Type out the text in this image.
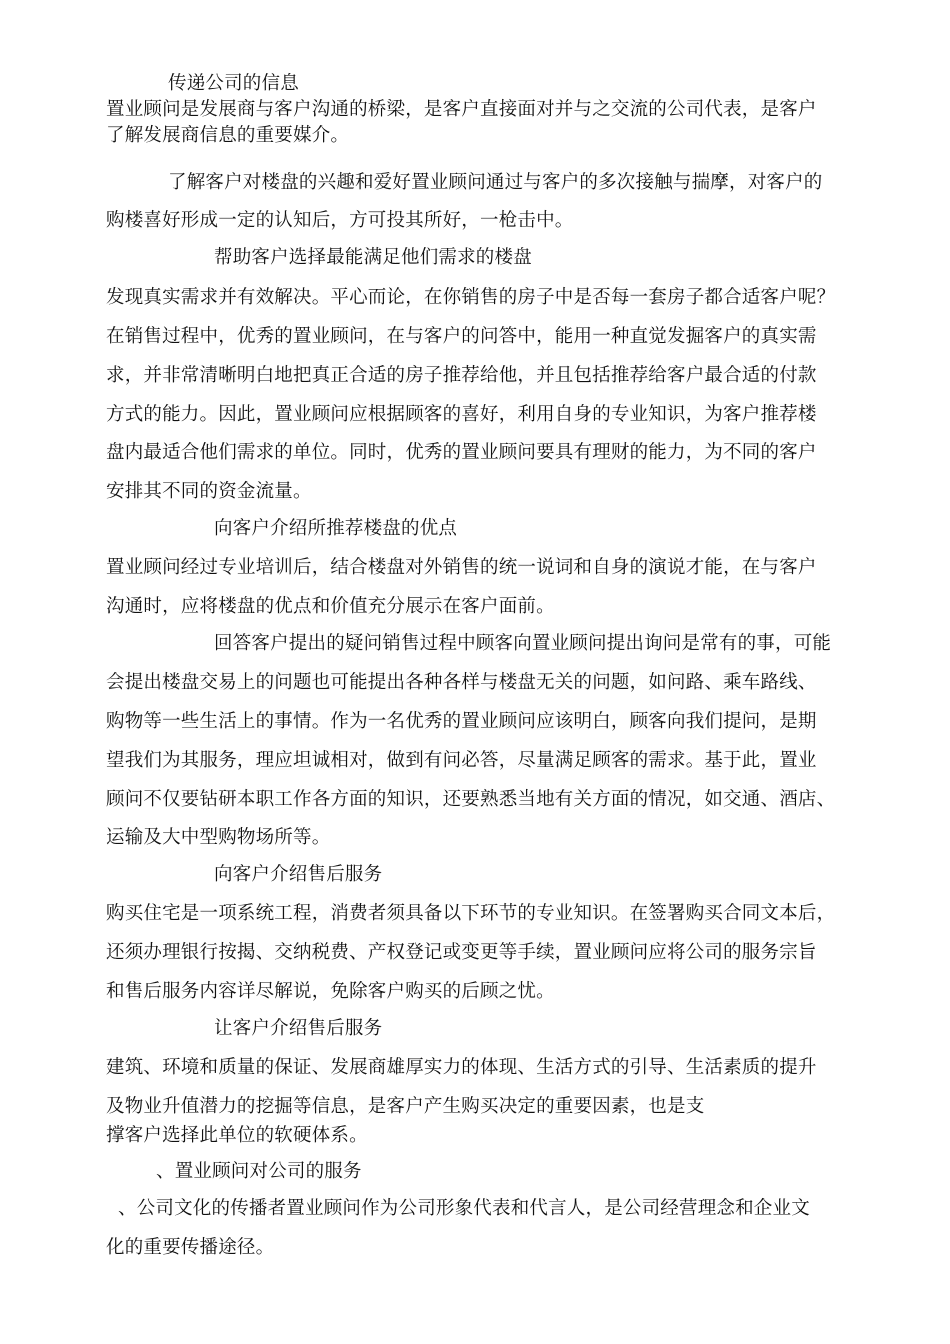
传递公司的信息
置业顾问是发展商与客户沟通的桥梁，是客户直接面对并与之交流的公司代表，是客户
了解发展商信息的重要媒介。
了解客户对楼盘的兴趣和爱好置业顾问通过与客户的多次接触与揣摩，对客户的
购楼喜好形成一定的认知后，方可投其所好，一枪击中。
帮助客户选择最能满足他们需求的楼盘
发现真实需求并有效解决。平心而论，在你销售的房子中是否每一套房子都合适客户呢？
在销售过程中，优秀的置业顾问，在与客户的问答中，能用一种直觉发掘客户的真实需
求，并非常清晰明白地把真正合适的房子推荐给他，并且包括推荐给客户最合适的付款
方式的能力。因此，置业顾问应根据顾客的喜好，利用自身的专业知识，为客户推荐楼
盘内最适合他们需求的单位。同时，优秀的置业顾问要具有理财的能力，为不同的客户
安排其不同的资金流量。
向客户介绍所推荐楼盘的优点
置业顾问经过专业培训后，结合楼盘对外销售的统一说词和自身的演说才能，在与客户
沟通时，应将楼盘的优点和价值充分展示在客户面前。
回答客户提出的疑问销售过程中顾客向置业顾问提出询问是常有的事，可能
会提出楼盘交易上的问题也可能提出各种各样与楼盘无关的问题，如问路、乘车路线、
购物等一些生活上的事情。作为一名优秀的置业顾问应该明白，顾客向我们提问，是期
望我们为其服务，理应坦诚相对，做到有问必答，尽量满足顾客的需求。基于此，置业
顾问不仅要钻研本职工作各方面的知识，还要熟悉当地有关方面的情况，如交通、酒店、
运输及大中型购物场所等。
向客户介绍售后服务
购买住宅是一项系统工程，消费者须具备以下环节的专业知识。在签署购买合同文本后，
还须办理银行按揭、交纳税费、产权登记或变更等手续，置业顾问应将公司的服务宗旨
和售后服务内容详尽解说，免除客户购买的后顾之忧。
让客户介绍售后服务
建筑、环境和质量的保证、发展商雄厚实力的体现、生活方式的引导、生活素质的提升
及物业升值潜力的挖掘等信息，是客户产生购买决定的重要因素，也是支
撑客户选择此单位的软硬体系。
、置业顾问对公司的服务
、公司文化的传播者置业顾问作为公司形象代表和代言人，是公司经营理念和企业文
化的重要传播途径。
